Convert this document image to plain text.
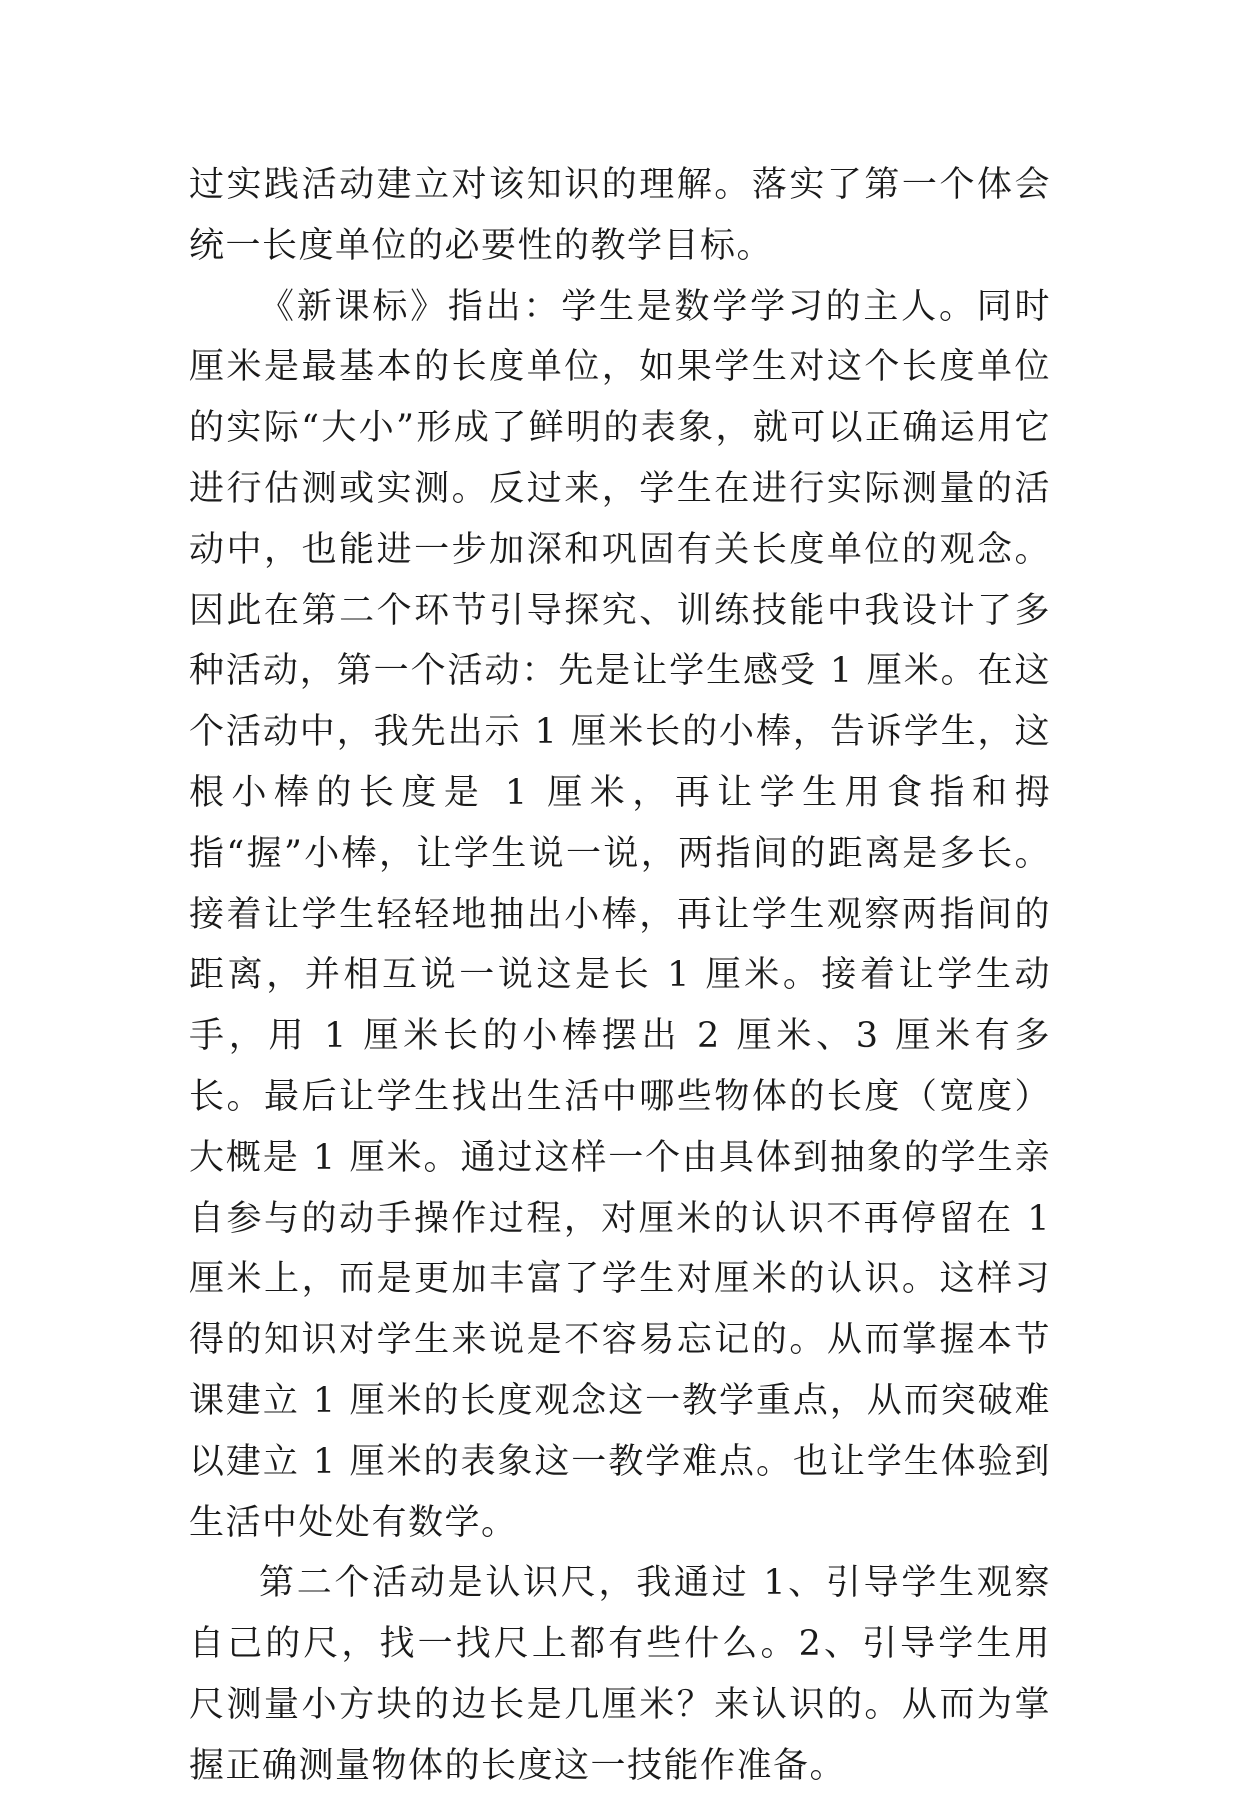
过实践活动建立对该知识的理解。落实了第一个体会统一长度单位的必要性的教学目标。

《新课标》指出：学生是数学学习的主人。同时厘米是最基本的长度单位，如果学生对这个长度单位的实际“大小”形成了鲜明的表象，就可以正确运用它进行估测或实测。反过来，学生在进行实际测量的活动中，也能进一步加深和巩固有关长度单位的观念。因此在第二个环节引导探究、训练技能中我设计了多种活动，第一个活动：先是让学生感受 1 厘米。在这个活动中，我先出示 1 厘米长的小棒，告诉学生，这根小棒的长度是 1 厘米，再让学生用食指和拇指“握”小棒，让学生说一说，两指间的距离是多长。接着让学生轻轻地抽出小棒，再让学生观察两指间的距离，并相互说一说这是长 1 厘米。接着让学生动手，用 1 厘米长的小棒摆出 2 厘米、3 厘米有多长。最后让学生找出生活中哪些物体的长度（宽度）大概是 1 厘米。通过这样一个由具体到抽象的学生亲自参与的动手操作过程，对厘米的认识不再停留在 1 厘米上，而是更加丰富了学生对厘米的认识。这样习得的知识对学生来说是不容易忘记的。从而掌握本节课建立 1 厘米的长度观念这一教学重点，从而突破难以建立 1 厘米的表象这一教学难点。也让学生体验到生活中处处有数学。

第二个活动是认识尺，我通过 1、引导学生观察自己的尺，找一找尺上都有些什么。2、引导学生用尺测量小方块的边长是几厘米？来认识的。从而为掌握正确测量物体的长度这一技能作准备。
